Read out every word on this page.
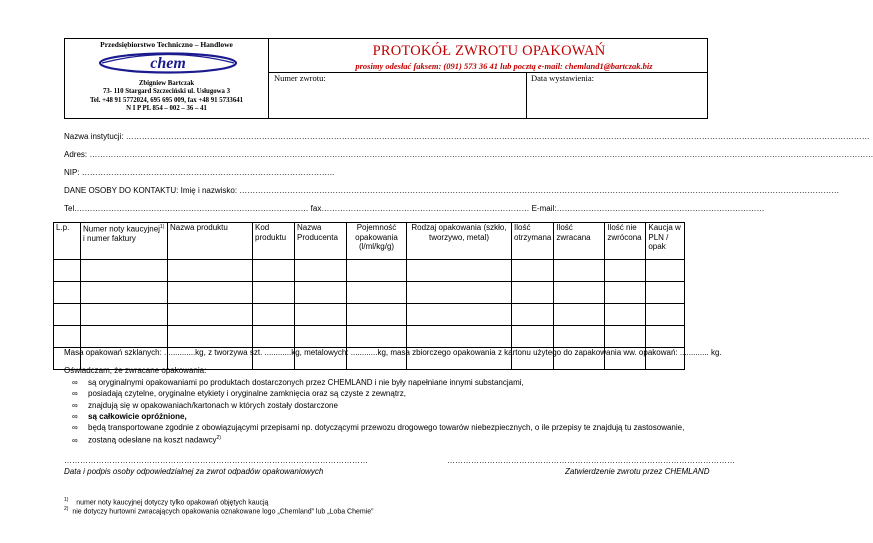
Przedsiębiorstwo Techniczno – Handlowe
chem
Zbigniew Bartczak
73- 110 Stargard Szczeciński ul. Usługowa 3
Tel. +48 91 5772024, 695 695 009, fax +48 91 5733641
N I P PL 854 – 002 – 36 – 41
PROTOKÓŁ ZWROTU OPAKOWAŃ
prosimy odesłać faksem: (091) 573 36 41 lub pocztą e-mail: chemland1@bartczak.biz
Numer zwrotu:	Data wystawienia:
Nazwa instytucji: ………………………………………………………………………………………………………………………………………………………………………………………………………………………………………………………
Adres: ……………………………………………………………………………………………………………………………………………………………………………………………………………………………………………………………………
NIP: …………………………………………………………………………………..
DANE OSOBY DO KONTAKTU: Imię i nazwisko: ………………………………………………………………………………………………………………………………………………………………………………………………………
Tel.…………………………………………………………………………… fax…………………………………………………………………… E-mail:……………………………………………………………………
L.p.	Numer noty kaucyjnej$^{1)}$ i numer faktury	Nazwa produktu	Kod produktu	Nazwa Producenta	Pojemność opakowania (l/ml/kg/g)	Rodzaj opakowania (szkło, tworzywo, metal)	Ilość otrzymana	Ilość zwracana	Ilość nie zwrócona	Kaucja w PLN / opak

Masa opakowań szklanych: ..............kg, z tworzywa szt. ............kg, metalowych: ............kg, masa zbiorczego opakowania z kartonu użytego do zapakowania ww. opakowań: ............. kg.
Oświadczam, że zwracane opakowania:
∞ są oryginalnymi opakowaniami po produktach dostarczonych przez CHEMLAND i nie były napełniane innymi substancjami,
∞ posiadają czytelne, oryginalne etykiety i oryginalne zamknięcia oraz są czyste z zewnątrz,
∞ znajdują się w opakowaniach/kartonach w których zostały dostarczone
∞ są całkowicie opróżnione,
∞ będą transportowane zgodnie z obowiązującymi przepisami np. dotyczącymi przewozu drogowego towarów niebezpiecznych, o ile przepisy te znajdują tu zastosowanie,
∞ zostaną odesłane na koszt nadawcy$^{2)}$
……………………………………………………………………………………………………
Data i podpis osoby odpowiedzialnej za zwrot odpadów opakowaniowych
………………………………………………………………………………………………
Zatwierdzenie zwrotu przez CHEMLAND
$^{1)}$ numer noty kaucyjnej dotyczy tylko opakowań objętych kaucją
$^{2)}$ nie dotyczy hurtowni zwracających opakowania oznakowane logo „Chemland” lub „Loba Chemie”
